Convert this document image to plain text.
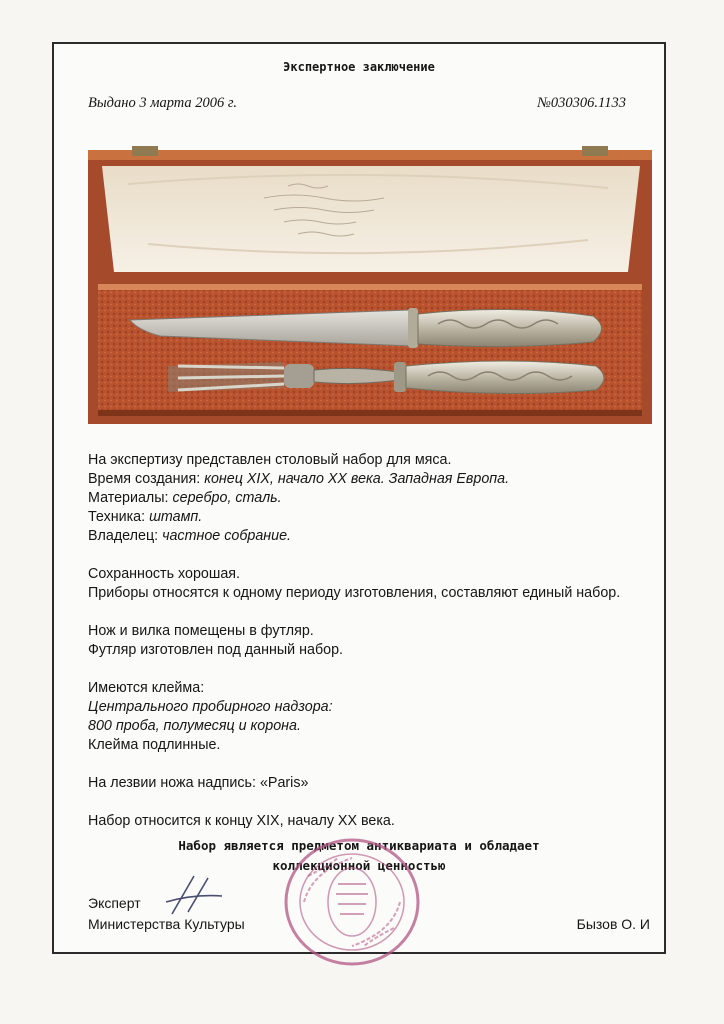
Экспертное заключение
Выдано 3 марта 2006 г.	№030306.1133

На экспертизу представлен столовый набор для мяса.

Время создания: конец XIX, начало XX века. Западная Европа.

Материалы: серебро, сталь.

Техника: штамп.

Владелец: частное собрание.

Сохранность хорошая.

Приборы относятся к одному периоду изготовления, составляют единый набор.

Нож и вилка помещены в футляр.

Футляр изготовлен под данный набор.

Имеются клейма:

Центрального пробирного надзора:

800 проба, полумесяц и корона.

Клейма подлинные.

На лезвии ножа надпись: «Paris»

Набор относится к концу XIX, началу XX века.

Набор является предметом антиквариата и обладает
коллекционной ценностью
Эксперт
Министерства Культуры	Бызов О. И
